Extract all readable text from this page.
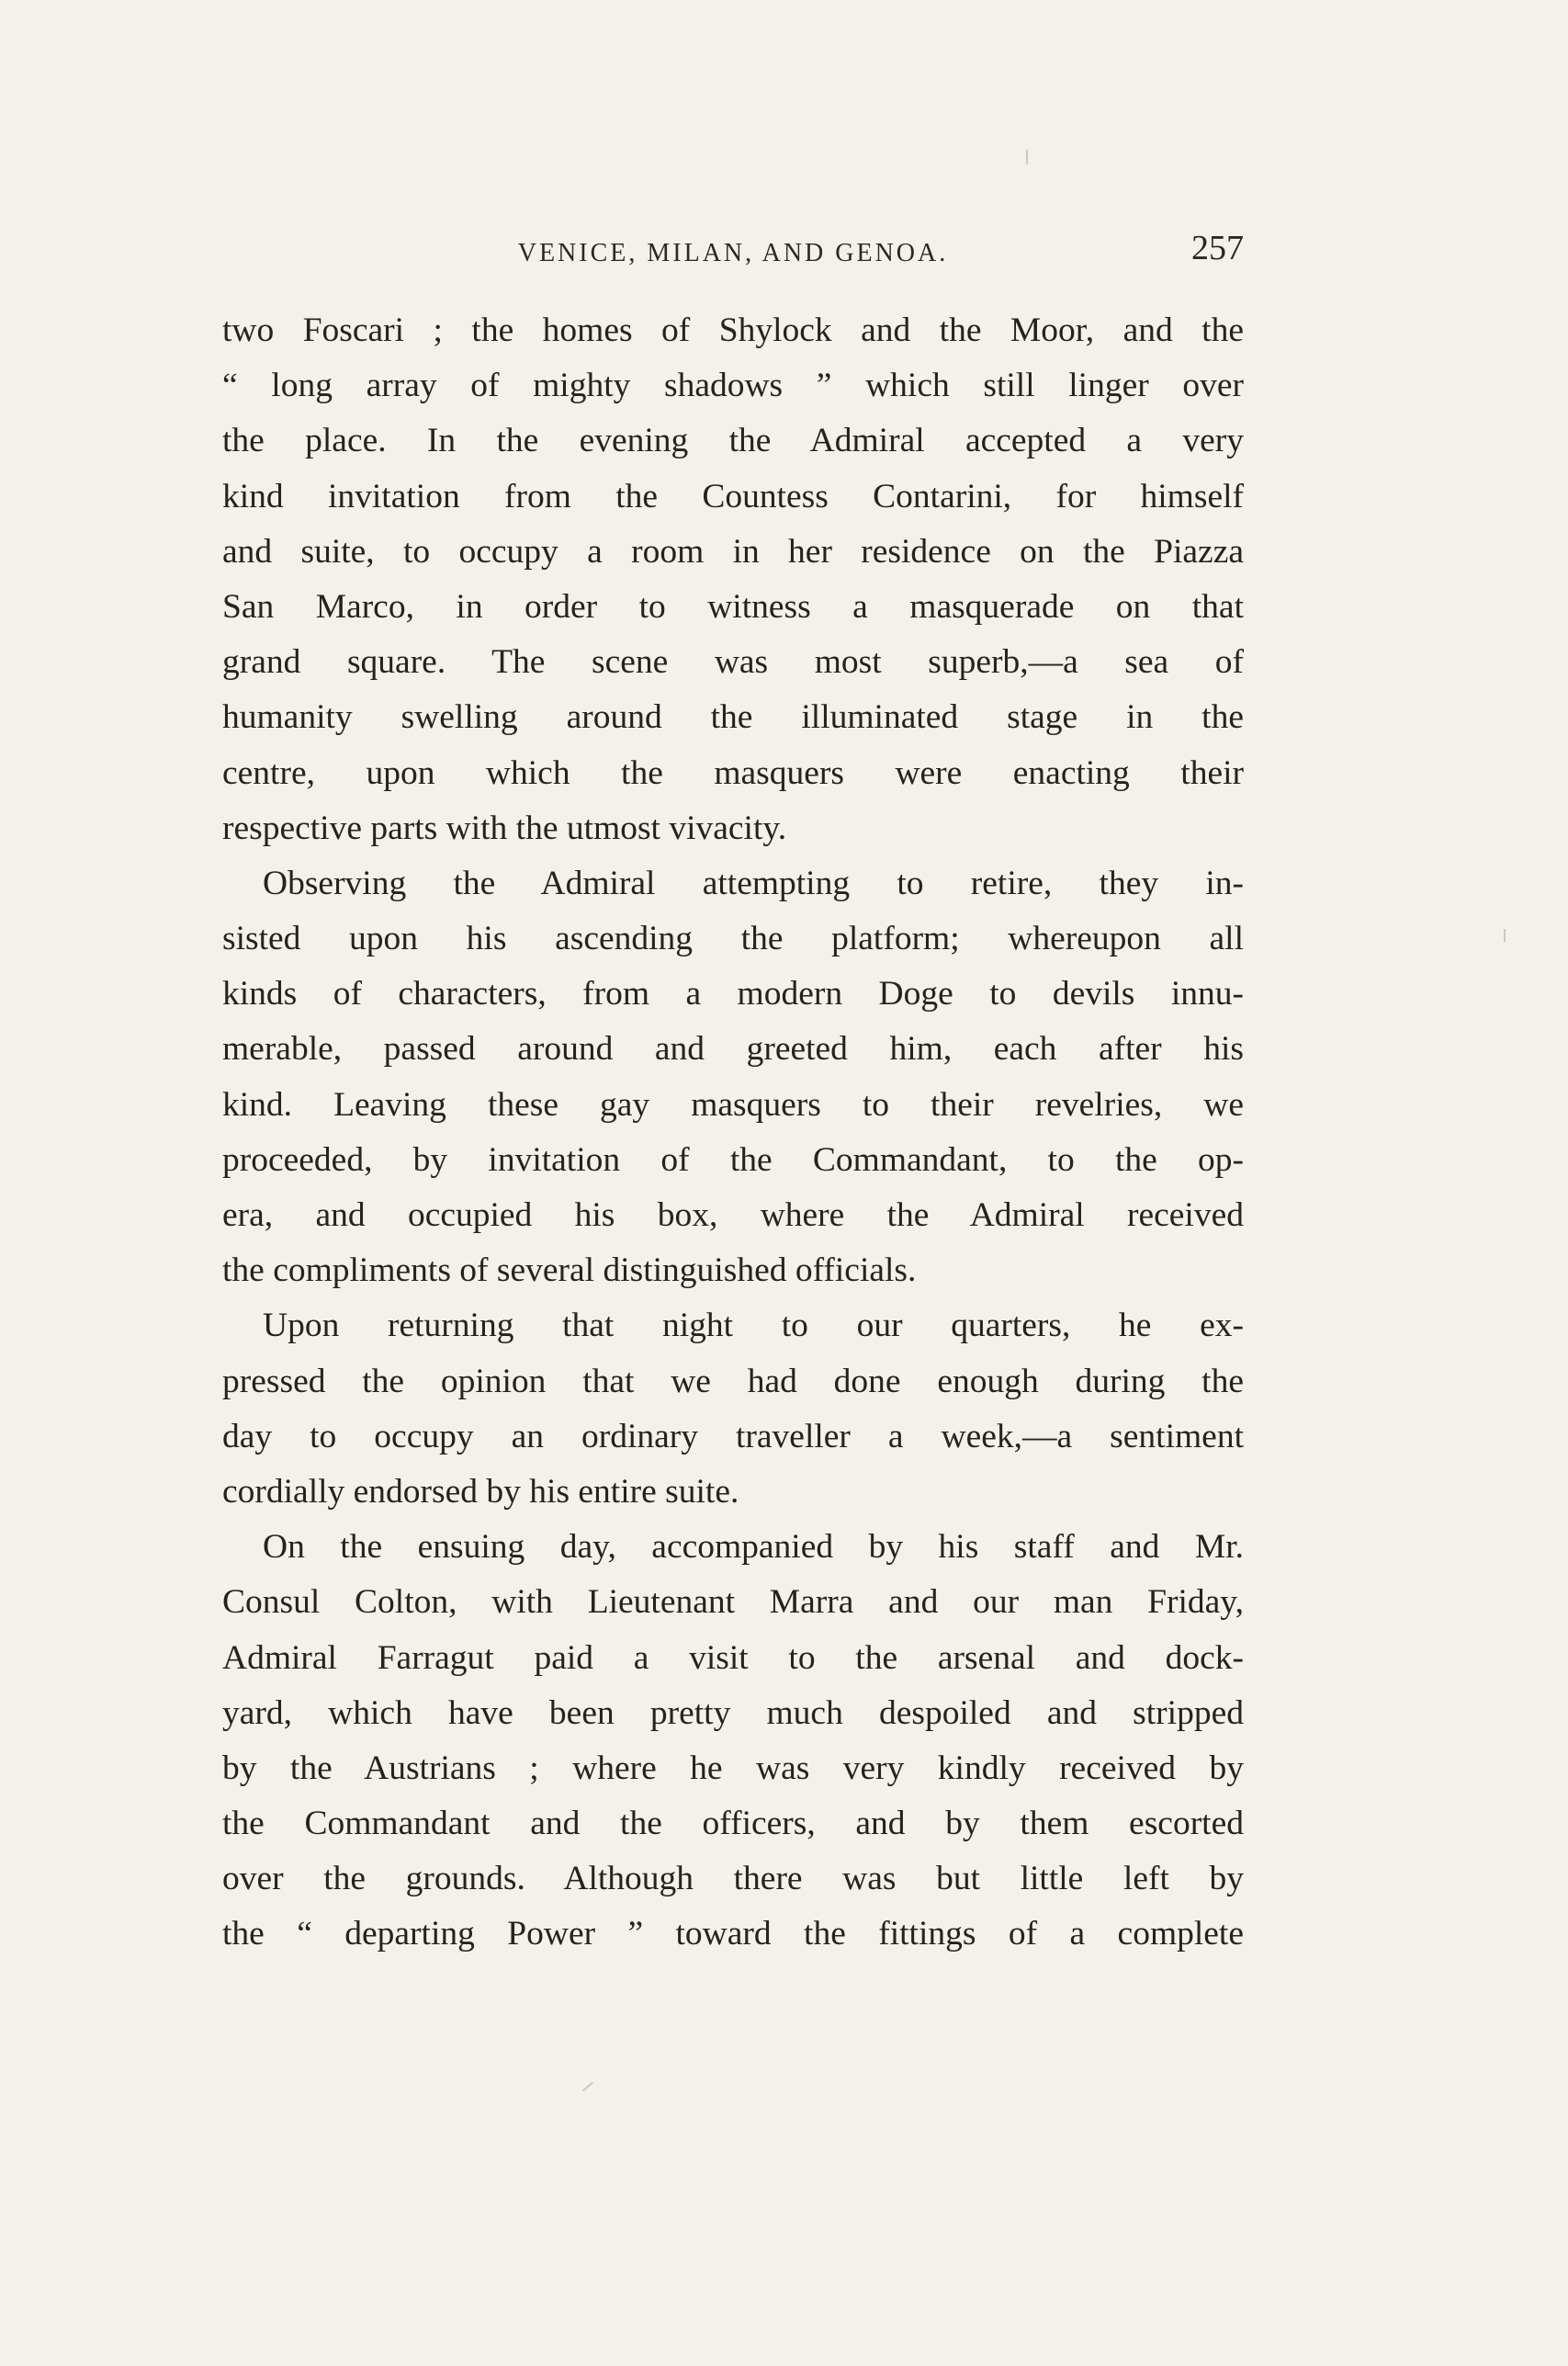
VENICE, MILAN, AND GENOA.	257
two Foscari ; the homes of Shylock and the Moor, and the
“ long array of mighty shadows ” which still linger over
the place. In the evening the Admiral accepted a very
kind invitation from the Countess Contarini, for himself
and suite, to occupy a room in her residence on the Piazza
San Marco, in order to witness a masquerade on that
grand square. The scene was most superb,—a sea of
humanity swelling around the illuminated stage in the
centre, upon which the masquers were enacting their
respective parts with the utmost vivacity.
Observing the Admiral attempting to retire, they in-
sisted upon his ascending the platform; whereupon all
kinds of characters, from a modern Doge to devils innu-
merable, passed around and greeted him, each after his
kind. Leaving these gay masquers to their revelries, we
proceeded, by invitation of the Commandant, to the op-
era, and occupied his box, where the Admiral received
the compliments of several distinguished officials.
Upon returning that night to our quarters, he ex-
pressed the opinion that we had done enough during the
day to occupy an ordinary traveller a week,—a sentiment
cordially endorsed by his entire suite.
On the ensuing day, accompanied by his staff and Mr.
Consul Colton, with Lieutenant Marra and our man Friday,
Admiral Farragut paid a visit to the arsenal and dock-
yard, which have been pretty much despoiled and stripped
by the Austrians ; where he was very kindly received by
the Commandant and the officers, and by them escorted
over the grounds. Although there was but little left by
the “ departing Power ” toward the fittings of a complete
